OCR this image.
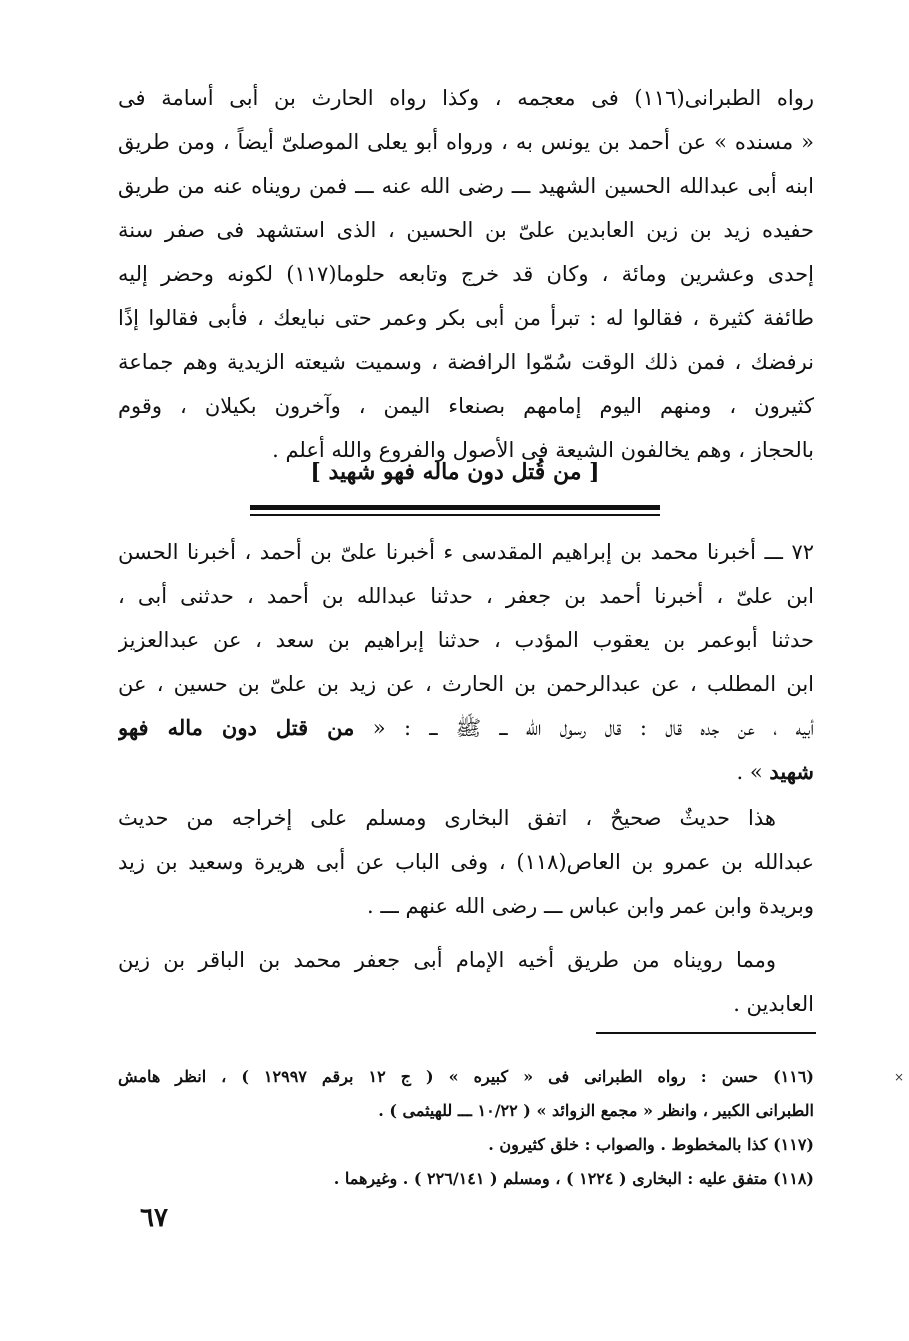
رواه الطبرانى(١١٦) فى معجمه ، وكذا رواه الحارث بن أبى أسامة فى
« مسنده » عن أحمد بن يونس به ، ورواه أبو يعلى الموصلىّ أيضاً ، ومن طريق
ابنه أبى عبدالله الحسين الشهيد ـــ رضى الله عنه ـــ فمن رويناه عنه من طريق
حفيده زيد بن زين العابدين علىّ بن الحسين ، الذى استشهد فى صفر سنة
إحدى وعشرين ومائة ، وكان قد خرج وتابعه حلوما(١١٧) لكونه وحضر إليه
طائفة كثيرة ، فقالوا له : تبرأ من أبى بكر وعمر حتى نبايعك ، فأبى فقالوا إذًا
نرفضك ، فمن ذلك الوقت سُمّوا الرافضة ، وسميت شيعته الزيدية وهم جماعة
كثيرون ، ومنهم اليوم إمامهم بصنعاء اليمن ، وآخرون بكيلان ، وقوم
بالحجاز ، وهم يخالفون الشيعة فى الأصول والفروع والله أعلم .
[ من قُتل دون ماله فهو شهيد ]
٧٢ ـــ أخبرنا محمد بن إبراهيم المقدسى ء أخبرنا علىّ بن أحمد ، أخبرنا الحسن
ابن علىّ ، أخبرنا أحمد بن جعفر ، حدثنا عبدالله بن أحمد ، حدثنى أبى ،
حدثنا أبوعمر بن يعقوب المؤدب ، حدثنا إبراهيم بن سعد ، عن عبدالعزيز
ابن المطلب ، عن عبدالرحمن بن الحارث ، عن زيد بن علىّ بن حسين ، عن
أبيه ، عن جده قال : قال رسول الله ـــ ﷺ ـــ : « من قتل دون ماله فهو
شهيد » .
هذا حديثٌ صحيحٌ ، اتفق البخارى ومسلم على إخراجه من حديث
عبدالله بن عمرو بن العاص(١١٨) ، وفى الباب عن أبى هريرة وسعيد بن زيد
وبريدة وابن عمر وابن عباس ـــ رضى الله عنهم ـــ .
ومما رويناه من طريق أخيه الإمام أبى جعفر محمد بن الباقر بن زين
العابدين .
(١١٦) حسن : رواه الطبرانى فى « كبيره » ( ج ١٢ برقم ١٢٩٩٧ ) ، انظر هامش
الطبرانى الكبير ، وانظر « مجمع الزوائد » ( ١٠/٢٢ ـــ للهيثمى ) .
(١١٧) كذا بالمخطوط . والصواب : خلق كثيرون .
(١١٨) متفق عليه : البخارى ( ١٢٢٤ ) ، ومسلم ( ٢٢٦/١٤١ ) . وغيرهما .
×
٦٧
